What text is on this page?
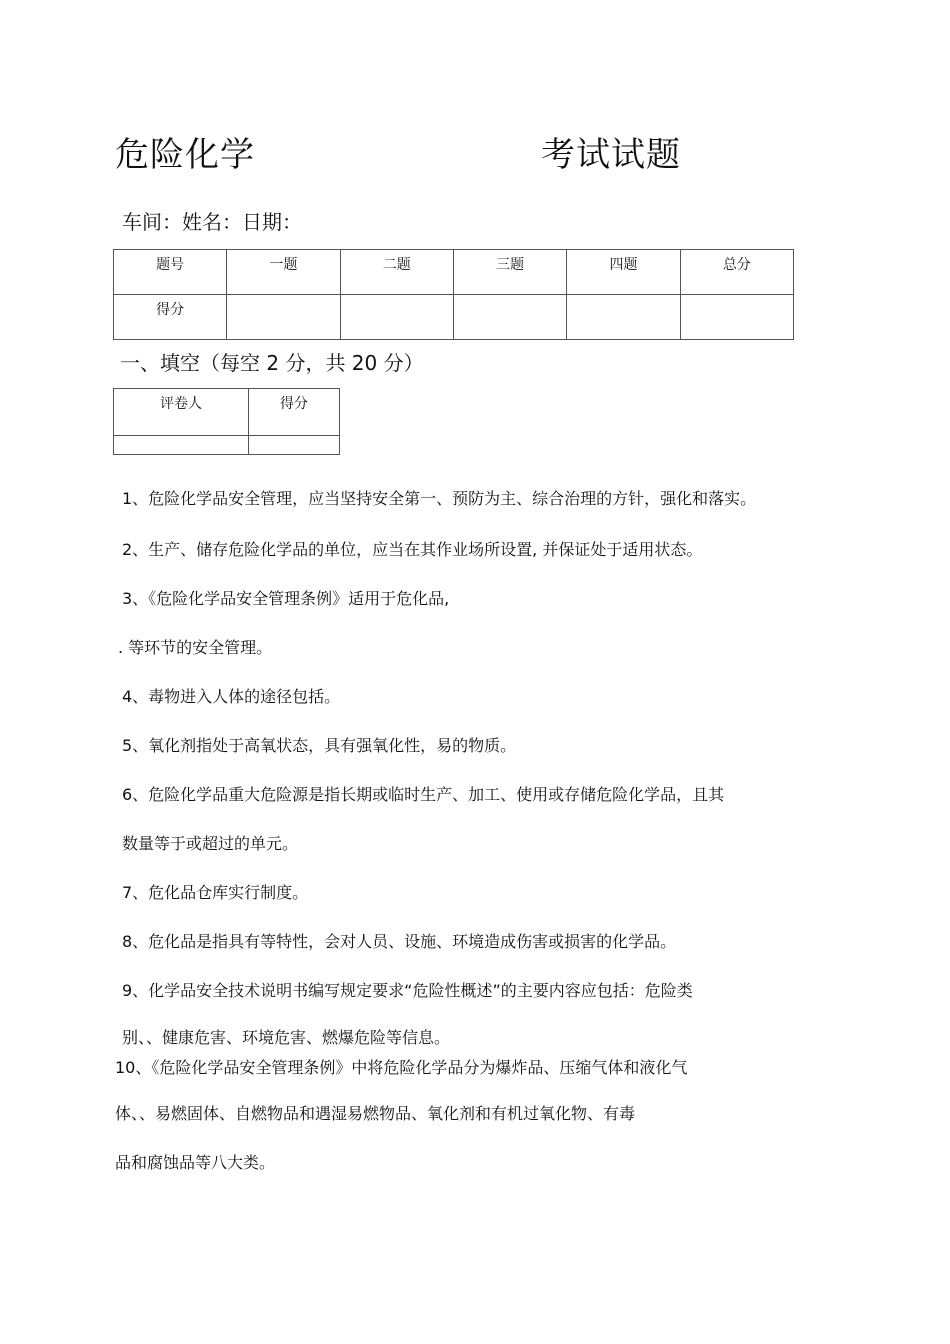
危险化学	考试试题
车间：姓名：日期：
题号	一题	二题	三题	四题	总分
得分					
一、填空（每空 2 分，共 20 分）
评卷人	得分

1、危险化学品安全管理，应当坚持安全第一、预防为主、综合治理的方针，强化和落实。
2、生产、储存危险化学品的单位，应当在其作业场所设置, 并保证处于适用状态。
3、《危险化学品安全管理条例》适用于危化品,
. 等环节的安全管理。
4、毒物进入人体的途径包括。
5、氧化剂指处于高氧状态，具有强氧化性，易的物质。
6、危险化学品重大危险源是指长期或临时生产、加工、使用或存储危险化学品，且其
数量等于或超过的单元。
7、危化品仓库实行制度。
8、危化品是指具有等特性，会对人员、设施、环境造成伤害或损害的化学品。
9、化学品安全技术说明书编写规定要求“危险性概述”的主要内容应包括：危险类
别、、健康危害、环境危害、燃爆危险等信息。
10、《危险化学品安全管理条例》中将危险化学品分为爆炸品、压缩气体和液化气
体、、易燃固体、自燃物品和遇湿易燃物品、氧化剂和有机过氧化物、有毒
品和腐蚀品等八大类。
